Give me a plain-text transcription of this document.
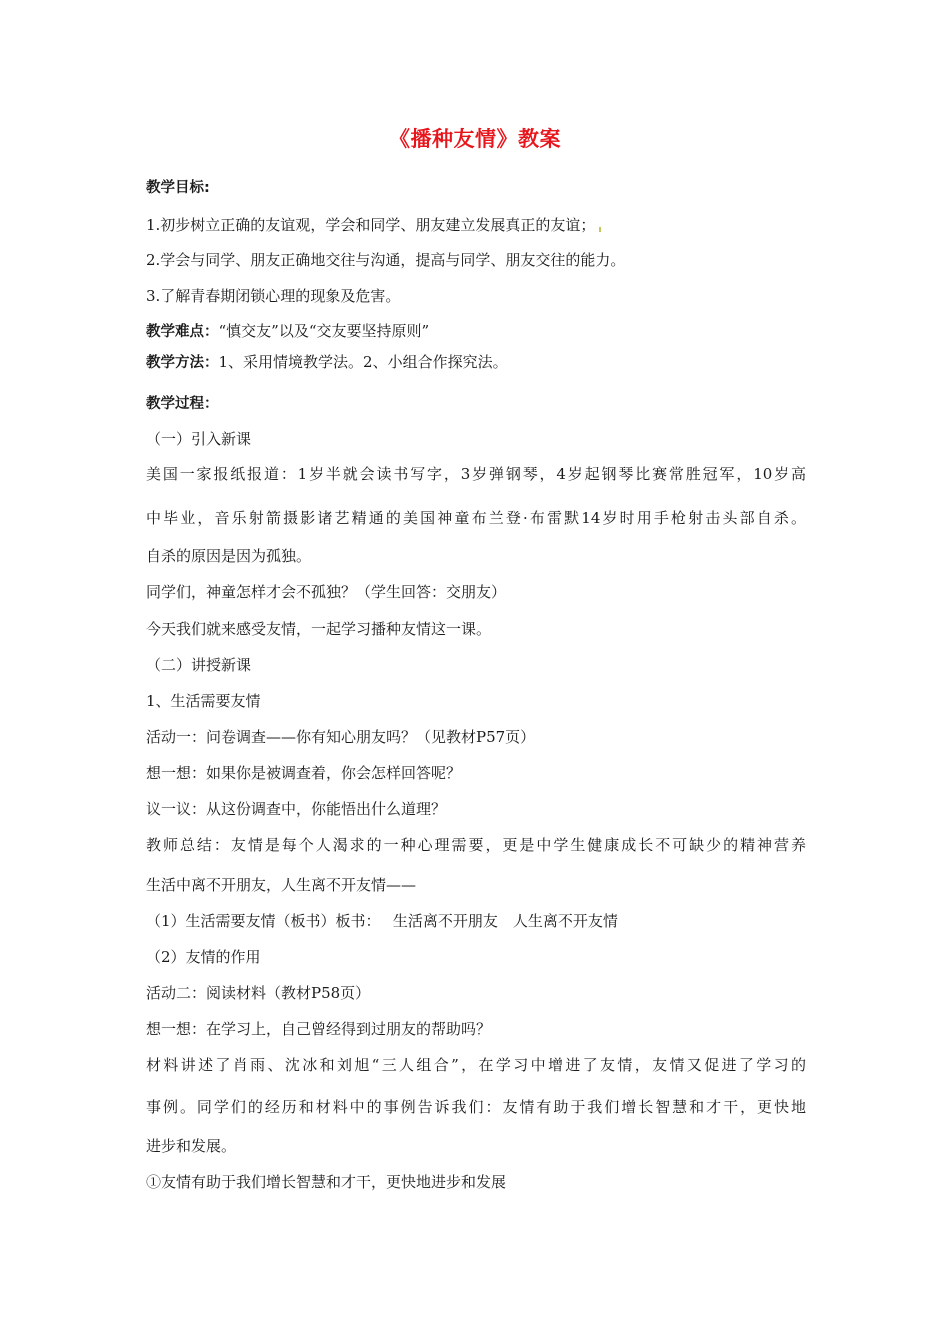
《播种友情》教案
教学目标:
1.初步树立正确的友谊观，学会和同学、朋友建立发展真正的友谊；
2.学会与同学、朋友正确地交往与沟通，提高与同学、朋友交往的能力。
3.了解青春期闭锁心理的现象及危害。
教学难点：“慎交友”以及“交友要坚持原则”
教学方法：1、采用情境教学法。2、小组合作探究法。
教学过程：
（一）引入新课
美国一家报纸报道：1岁半就会读书写字，3岁弹钢琴，4岁起钢琴比赛常胜冠军，10岁高
中毕业，音乐射箭摄影诸艺精通的美国神童布兰登·布雷默14岁时用手枪射击头部自杀。
自杀的原因是因为孤独。
同学们，神童怎样才会不孤独？（学生回答：交朋友）
今天我们就来感受友情，一起学习播种友情这一课。
（二）讲授新课
1、生活需要友情
活动一：问卷调查——你有知心朋友吗？（见教材P57页）
想一想：如果你是被调查着，你会怎样回答呢？
议一议：从这份调查中，你能悟出什么道理？
教师总结：友情是每个人渴求的一种心理需要，更是中学生健康成长不可缺少的精神营养
生活中离不开朋友，人生离不开友情——
（1）生活需要友情（板书）板书：　 生活离不开朋友　人生离不开友情
（2）友情的作用
活动二：阅读材料（教材P58页）
想一想：在学习上，自己曾经得到过朋友的帮助吗？
材料讲述了肖雨、沈冰和刘旭“三人组合”，在学习中增进了友情，友情又促进了学习的
事例。同学们的经历和材料中的事例告诉我们：友情有助于我们增长智慧和才干，更快地
进步和发展。
①友情有助于我们增长智慧和才干，更快地进步和发展
